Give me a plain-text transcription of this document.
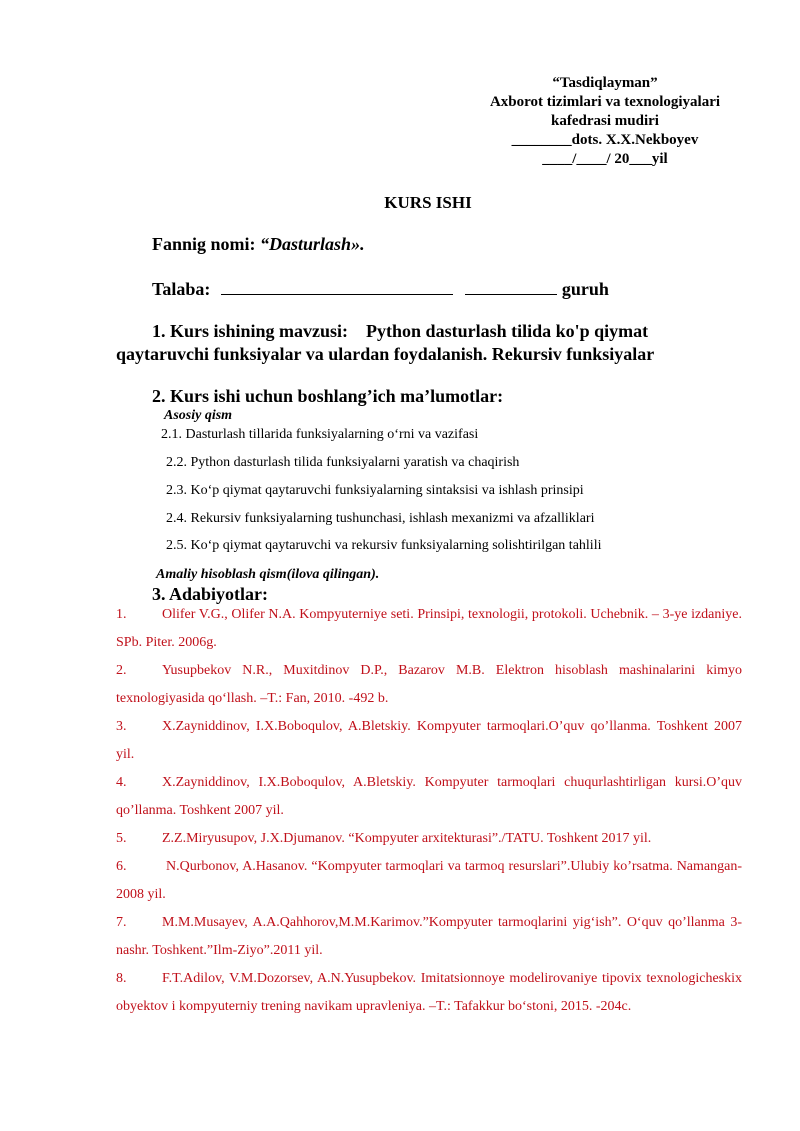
“Tasdiqlayman”
Axborot tizimlari va texnologiyalari
kafedrasi mudiri
________dots. X.X.Nekboyev
____/____/ 20___yil
KURS ISHI
Fannig nomi: “Dasturlash».
Talaba:	guruh
1. Kurs ishining mavzusi: Python dasturlash tilida ko'p qiymat qaytaruvchi funksiyalar va ulardan foydalanish. Rekursiv funksiyalar
2. Kurs ishi uchun boshlang’ich ma’lumotlar:
Asosiy qism
2.1. Dasturlash tillarida funksiyalarning oʻrni va vazifasi
2.2. Python dasturlash tilida funksiyalarni yaratish va chaqirish
2.3. Koʻp qiymat qaytaruvchi funksiyalarning sintaksisi va ishlash prinsipi
2.4. Rekursiv funksiyalarning tushunchasi, ishlash mexanizmi va afzalliklari
2.5. Koʻp qiymat qaytaruvchi va rekursiv funksiyalarning solishtirilgan tahlili
Amaliy hisoblash qism(ilova qilingan).
3. Adabiyotlar:

1.	Olifer V.G., Olifer N.A. Kompyuterniye seti. Prinsipi, texnologii, protokoli. Uchebnik. – 3-ye izdaniye. SPb. Piter. 2006g.

2.	Yusupbekov N.R., Muxitdinov D.P., Bazarov M.B. Elektron hisoblash mashinalarini kimyo texnologiyasida qo‘llash. –T.: Fan, 2010. -492 b.

3.	X.Zayniddinov, I.X.Boboqulov, A.Bletskiy. Kompyuter tarmoqlari.O’quv qo’llanma. Toshkent 2007 yil.

4.	X.Zayniddinov, I.X.Boboqulov, A.Bletskiy. Kompyuter tarmoqlari chuqurlashtirligan kursi.O’quv qo’llanma. Toshkent 2007 yil.

5.	Z.Z.Miryusupov, J.X.Djumanov. “Kompyuter arxitekturasi”./TATU. Toshkent 2017 yil.

6.	N.Qurbonov, A.Hasanov. “Kompyuter tarmoqlari va tarmoq resurslari”.Ulubiy ko’rsatma. Namangan-2008 yil.

7.	M.M.Musayev, A.A.Qahhorov,M.M.Karimov.”Kompyuter tarmoqlarini yig‘ish”. O‘quv qo’llanma 3-nashr. Toshkent.”Ilm-Ziyo”.2011 yil.

8.	F.T.Adilov, V.M.Dozorsev, A.N.Yusupbekov. Imitatsionnoye modelirovaniye tipovix texnologicheskix obyektov i kompyuterniy trening navikam upravleniya. –T.: Tafakkur bo‘stoni, 2015. -204c.
